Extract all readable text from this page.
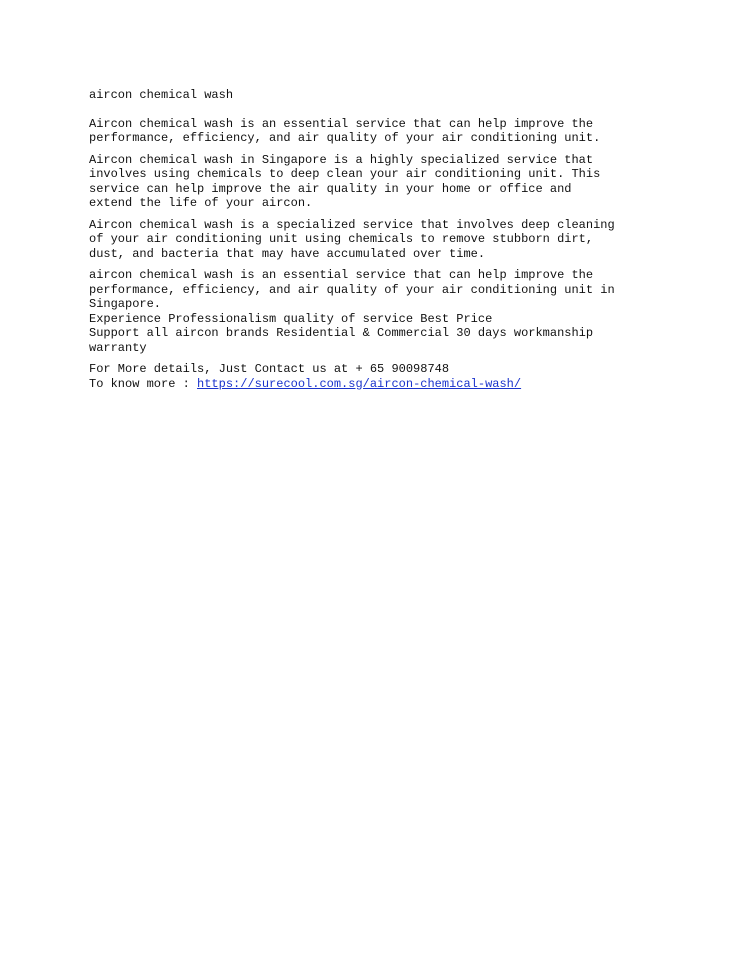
aircon chemical wash
Aircon chemical wash is an essential service that can help improve the
performance, efficiency, and air quality of your air conditioning unit.
Aircon chemical wash in Singapore is a highly specialized service that
involves using chemicals to deep clean your air conditioning unit. This
service can help improve the air quality in your home or office and
extend the life of your aircon.
Aircon chemical wash is a specialized service that involves deep cleaning
of your air conditioning unit using chemicals to remove stubborn dirt,
dust, and bacteria that may have accumulated over time.
aircon chemical wash is an essential service that can help improve the
performance, efficiency, and air quality of your air conditioning unit in
Singapore.
Experience Professionalism quality of service Best Price
Support all aircon brands Residential & Commercial 30 days workmanship
warranty
For More details, Just Contact us at + 65 90098748
To know more : https://surecool.com.sg/aircon-chemical-wash/
